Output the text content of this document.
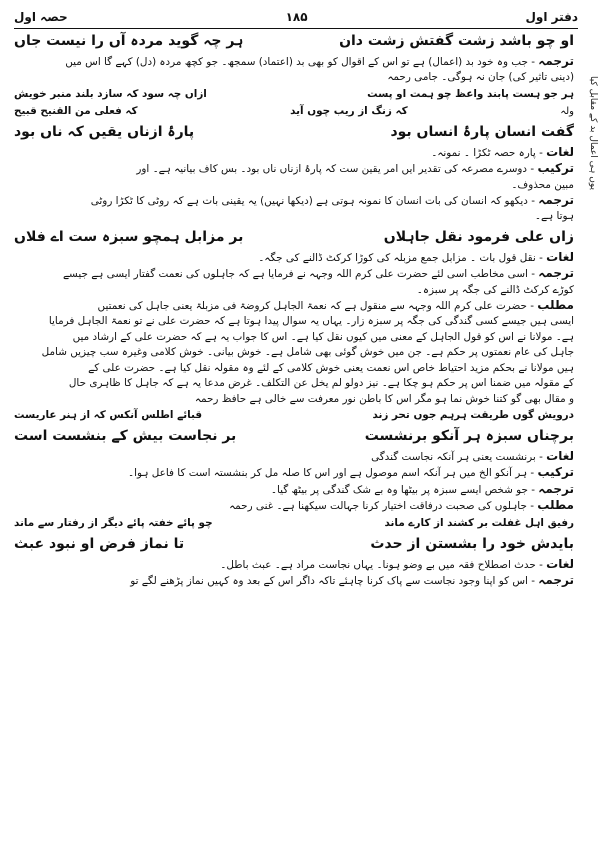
دفتر اول
۱۸۵
حصہ اول
یوں ہی اعمال بد کے مقابل کیا
او چو باشد زشت گفتش زشت دان
ہر چہ گوید مردہ آں را نیست جاں
ترجمہ - جب وہ خود بد (اعمال) ہے تو اس کے اقوال کو بھی بد (اعتماد) سمجھ۔ جو کچھ مردہ (دل) کہے گا اس میں
(دینی تاثیر کی) جان نہ ہوگی۔ جامی رحمہ
ہر جو ہست پابند واعظ چو ہمت او پست
ازاں چہ سود کہ سازد بلند منبر خویش
ولہ
کہ زنگ از ریب چوں آید
کہ فعلی من القنیح قبیح
گفت انسان پارۂ انساں بود
پارۂ ازناں یقیں کہ ناں بود
لغات - پارہ حصہ ٹکڑا ۔ نمونہ۔
ترکیب - دوسرے مصرعہ کی تقدیر ایں امر یقین ست کہ پارۂ ازناں ناں بود۔ بس کاف بیانیہ ہے۔ اور
مبین محذوف۔
ترجمہ - دیکھو کہ انسان کی بات انسان کا نمونہ ہوتی ہے (دیکھا نہیں) یہ یقینی بات ہے کہ روٹی کا ٹکڑا روٹی
ہوتا ہے۔
زاں علی فرمود نقل جاہلاں
بر مزابل ہمچو سبزہ ست اے فلاں
لغات - نقل قول بات ۔ مزابل جمع مزبلہ کی کوڑا کرکٹ ڈالنے کی جگہ۔
ترجمہ - اسی مخاطب اسی لئے حضرت علی کرم اللہ وجہہ نے فرمایا ہے کہ جاہلوں کی نعمت گفتار ایسی ہے جیسے
کوڑے کرکٹ ڈالنے کی جگہ پر سبزہ۔
مطلب - حضرت علی کرم اللہ وجہہ سے منقول ہے کہ نعمۃ الجاہل کروضۃ فی مزبلۃ یعنی جاہل کی نعمتیں
ایسی ہیں جیسے کسی گندگی کی جگہ پر سبزہ زار۔ یہاں یہ سوال پیدا ہوتا ہے کہ حضرت علی نے تو نعمۃ الجاہل فرمایا
ہے۔ مولانا نے اس کو قول الجاہل کے معنی میں کیوں نقل کیا ہے۔ اس کا جواب یہ ہے کہ حضرت علی کے ارشاد میں
جاہل کی عام نعمتوں پر حکم ہے۔ جن میں خوش گوئی بھی شامل ہے۔ خوش بیانی۔ خوش کلامی وغیرہ سب چیزیں شامل
ہیں مولانا نے بحکم مزید احتیاط خاص اس نعمت یعنی خوش کلامی کے لئے وہ مقولہ نقل کیا ہے۔ حضرت علی کے
کے مقولہ میں ضمنا اس پر حکم ہو چکا ہے۔ نیز دولو لم یخل عن التکلف۔ غرض مدعا یہ ہے کہ جاہل کا ظاہری حال
و مقال بھی گو کتنا خوش نما ہو مگر اس کا باطن نور معرفت سے خالی ہے حافظ رحمہ
درویش گوں طریقت ہرہم جوں تحر زند
قبائے اطلس آنکس کہ از ہنر عاریست
برچناں سبزہ ہر آنکو برنشست
بر نجاست بیش کے بنشست است
لغات - برنشست یعنی ہر آنکہ نجاست گندگی
ترکیب - ہر آنکو الخ میں ہر آنکہ اسم موصول ہے اور اس کا صلہ مل کر بنشستہ است کا فاعل ہوا۔
ترجمہ - جو شخص ایسے سبزہ پر بیٹھا وہ بے شک گندگی پر بیٹھ گیا۔
مطلب - جاہلوں کی صحبت درفاقت اختیار کرنا جہالت سیکھنا ہے۔ غنی رحمہ
رفیق اہل غفلت بر کشند از کارے ماند
چو پائے خفتہ پائے دیگر از رفتار سے ماند
بایدش خود را بشستن از حدث
تا نماز فرض او نبود عبث
لغات - حدث اصطلاح فقہ میں بے وضو ہونا۔ یہاں نجاست مراد ہے۔ عبث باطل۔
ترجمہ - اس کو اپنا وجود نجاست سے پاک کرنا چاہئے تاکہ داگر اس کے بعد وہ کہیں نماز پڑھنے لگے تو
